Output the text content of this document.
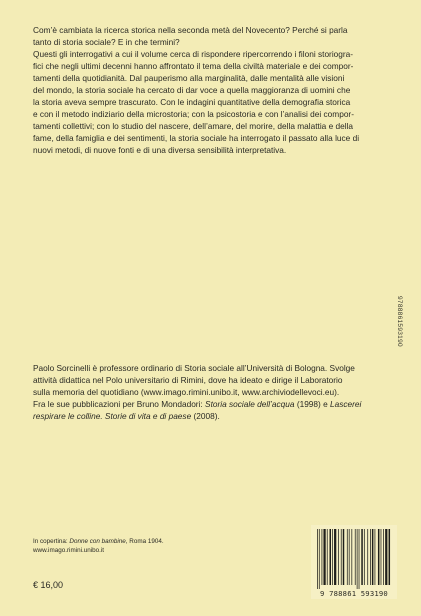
Com’è cambiata la ricerca storica nella seconda metà del Novecento? Perché si parla

tanto di storia sociale? E in che termini?

Questi gli interrogativi a cui il volume cerca di rispondere ripercorrendo i filoni storiogra-

fici che negli ultimi decenni hanno affrontato il tema della civiltà materiale e dei compor-

tamenti della quotidianità. Dal pauperismo alla marginalità, dalle mentalità alle visioni

del mondo, la storia sociale ha cercato di dar voce a quella maggioranza di uomini che

la storia aveva sempre trascurato. Con le indagini quantitative della demografia storica

e con il metodo indiziario della microstoria; con la psicostoria e con l’analisi dei compor-

tamenti collettivi; con lo studio del nascere, dell’amare, del morire, della malattia e della

fame, della famiglia e dei sentimenti, la storia sociale ha interrogato il passato alla luce di

nuovi metodi, di nuove fonti e di una diversa sensibilità interpretativa.

9788861593190

Paolo Sorcinelli è professore ordinario di Storia sociale all’Università di Bologna. Svolge

attività didattica nel Polo universitario di Rimini, dove ha ideato e dirige il Laboratorio

sulla memoria del quotidiano (www.imago.rimini.unibo.it, www.archiviodellevoci.eu).

Fra le sue pubblicazioni per Bruno Mondadori: Storia sociale dell’acqua (1998) e Lascerei

respirare le colline. Storie di vita e di paese (2008).

In copertina: Donne con bambine, Roma 1904.
www.imago.rimini.unibo.it
€ 16,00
9 788861 593190
